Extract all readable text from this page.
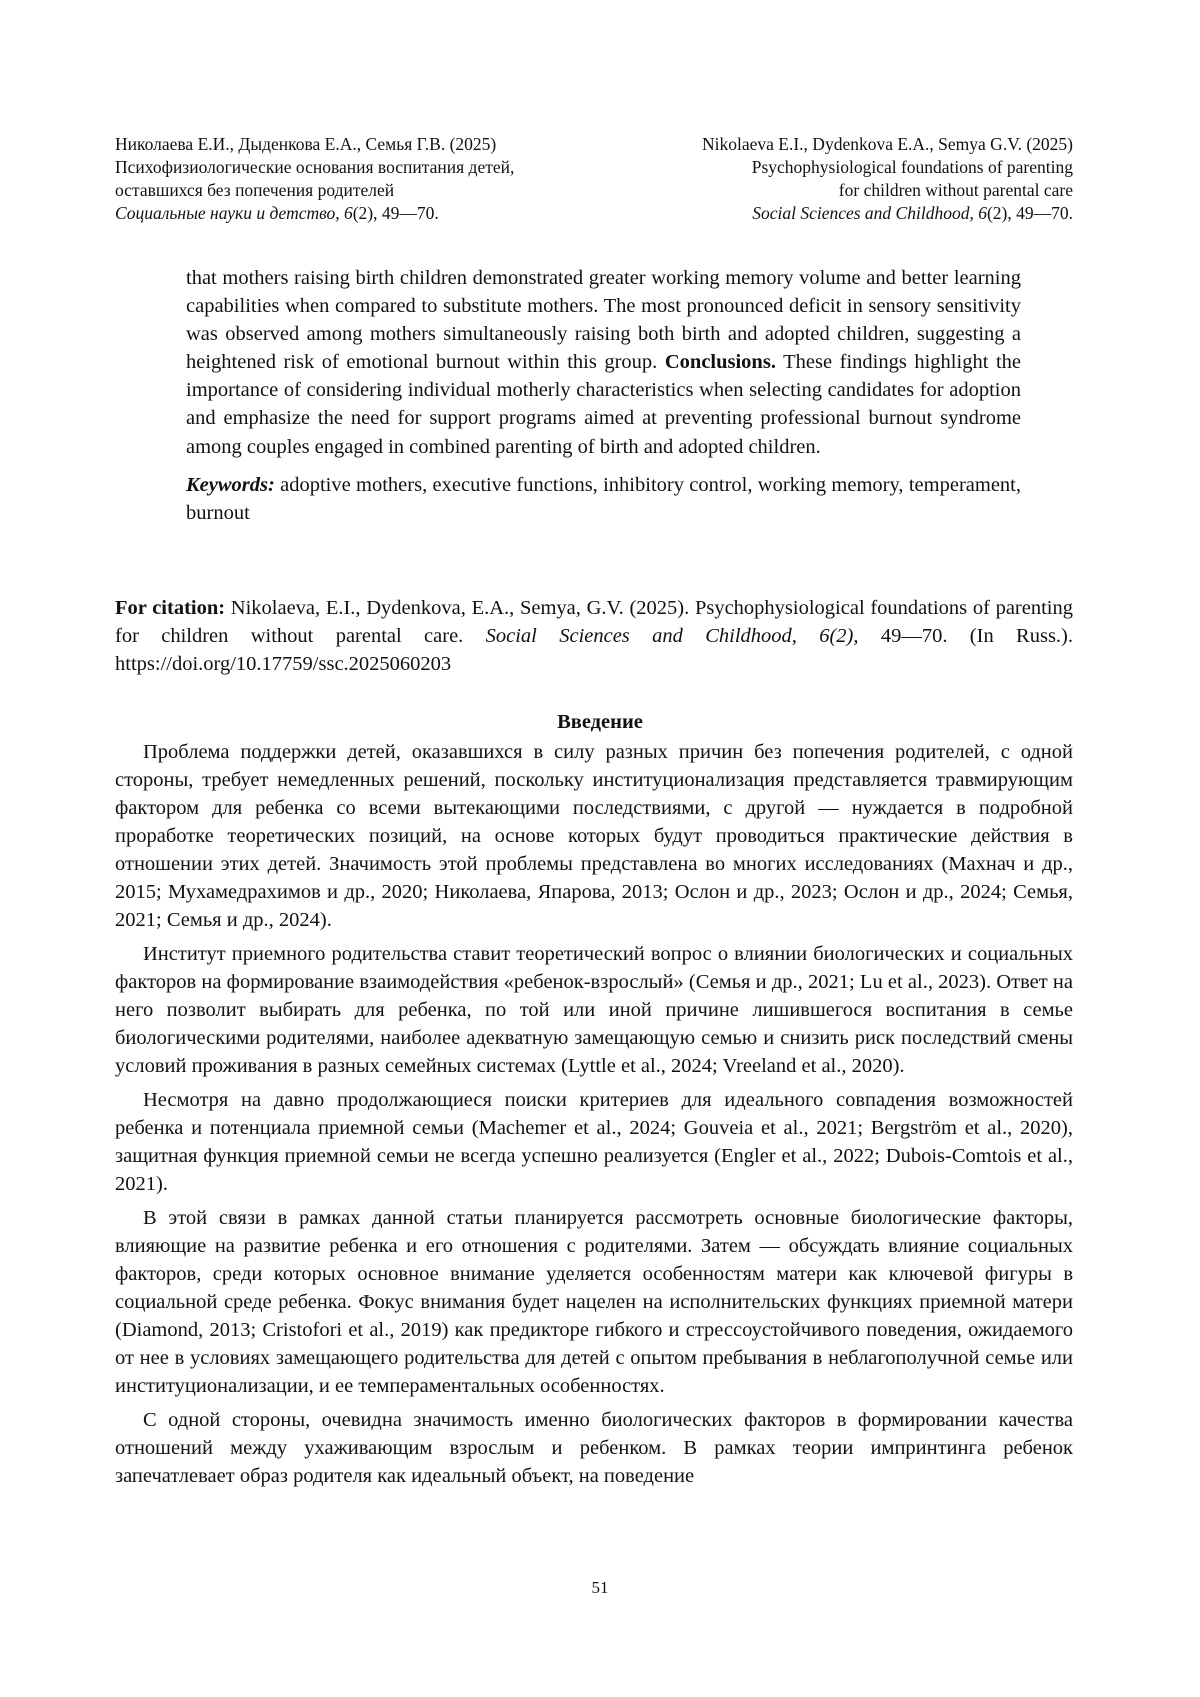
Николаева Е.И., Дыденкова Е.А., Семья Г.В. (2025)
Психофизиологические основания воспитания детей,
оставшихся без попечения родителей
Социальные науки и детство, 6(2), 49—70.
Nikolaeva E.I., Dydenkova E.A., Semya G.V. (2025)
Psychophysiological foundations of parenting
for children without parental care
Social Sciences and Childhood, 6(2), 49—70.

that mothers raising birth children demonstrated greater working memory volume and better learning capabilities when compared to substitute mothers. The most pronounced deficit in sensory sensitivity was observed among mothers simultaneously raising both birth and adopted children, suggesting a heightened risk of emotional burnout within this group. Conclusions. These findings highlight the importance of considering individual motherly characteristics when selecting candidates for adoption and emphasize the need for support programs aimed at preventing professional burnout syndrome among couples engaged in combined parenting of birth and adopted children.

Keywords: adoptive mothers, executive functions, inhibitory control, working memory, temperament, burnout

For citation: Nikolaeva, E.I., Dydenkova, E.A., Semya, G.V. (2025). Psychophysiological foundations of parenting for children without parental care. Social Sciences and Childhood, 6(2), 49—70. (In Russ.). https://doi.org/10.17759/ssc.2025060203

Введение

Проблема поддержки детей, оказавшихся в силу разных причин без попечения родителей, с одной стороны, требует немедленных решений, поскольку институционализация представляется травмирующим фактором для ребенка со всеми вытекающими последствиями, с другой — нуждается в подробной проработке теоретических позиций, на основе которых будут проводиться практические действия в отношении этих детей. Значимость этой проблемы представлена во многих исследованиях (Махнач и др., 2015; Мухамедрахимов и др., 2020; Николаева, Япарова, 2013; Ослон и др., 2023; Ослон и др., 2024; Семья, 2021; Семья и др., 2024).

Институт приемного родительства ставит теоретический вопрос о влиянии биологических и социальных факторов на формирование взаимодействия «ребенок-взрослый» (Семья и др., 2021; Lu et al., 2023). Ответ на него позволит выбирать для ребенка, по той или иной причине лишившегося воспитания в семье биологическими родителями, наиболее адекватную замещающую семью и снизить риск последствий смены условий проживания в разных семейных системах (Lyttle et al., 2024; Vreeland et al., 2020).

Несмотря на давно продолжающиеся поиски критериев для идеального совпадения возможностей ребенка и потенциала приемной семьи (Machemer et al., 2024; Gouveia et al., 2021; Bergström et al., 2020), защитная функция приемной семьи не всегда успешно реализуется (Engler et al., 2022; Dubois-Comtois et al., 2021).

В этой связи в рамках данной статьи планируется рассмотреть основные биологические факторы, влияющие на развитие ребенка и его отношения с родителями. Затем — обсуждать влияние социальных факторов, среди которых основное внимание уделяется особенностям матери как ключевой фигуры в социальной среде ребенка. Фокус внимания будет нацелен на исполнительских функциях приемной матери (Diamond, 2013; Cristofori et al., 2019) как предикторе гибкого и стрессоустойчивого поведения, ожидаемого от нее в условиях замещающего родительства для детей с опытом пребывания в неблагополучной семье или институционализации, и ее темпераментальных особенностях.

С одной стороны, очевидна значимость именно биологических факторов в формировании качества отношений между ухаживающим взрослым и ребенком. В рамках теории импринтинга ребенок запечатлевает образ родителя как идеальный объект, на поведение

51
